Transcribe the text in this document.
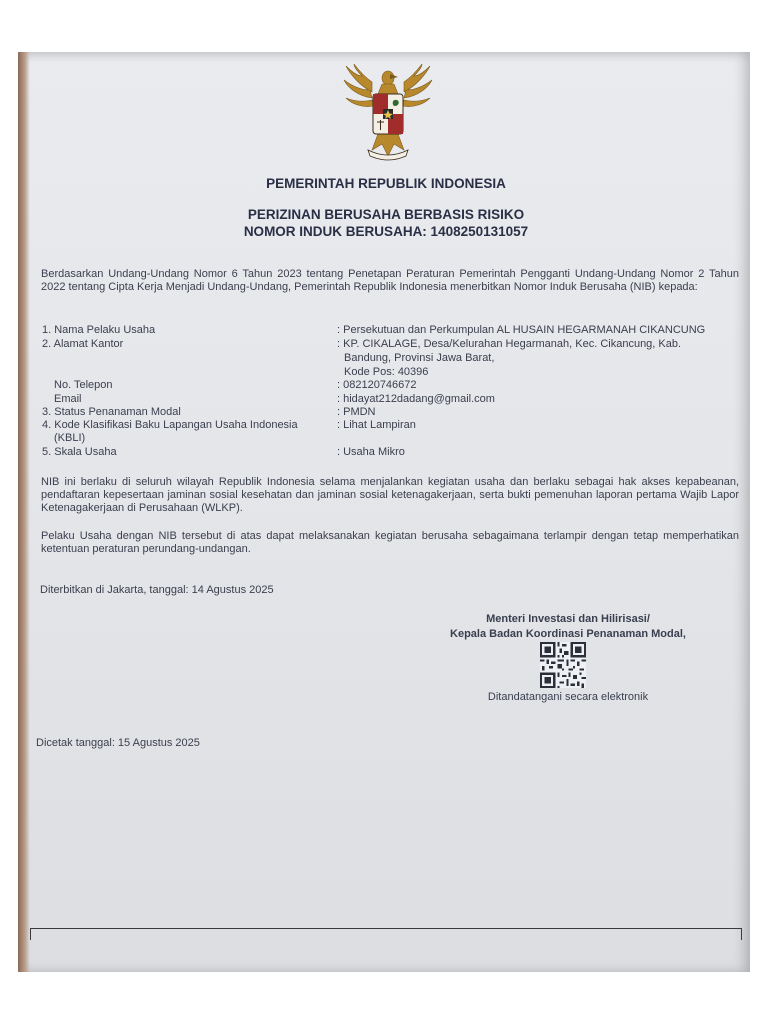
PEMERINTAH REPUBLIK INDONESIA
PERIZINAN BERUSAHA BERBASIS RISIKO
NOMOR INDUK BERUSAHA: 1408250131057
Berdasarkan Undang-Undang Nomor 6 Tahun 2023 tentang Penetapan Peraturan Pemerintah Pengganti Undang-Undang Nomor 2 Tahun 2022 tentang Cipta Kerja Menjadi Undang-Undang, Pemerintah Republik Indonesia menerbitkan Nomor Induk Berusaha (NIB) kepada:
1. Nama Pelaku Usaha	: Persekutuan dan Perkumpulan AL HUSAIN HEGARMANAH CIKANCUNG
2. Alamat Kantor	: KP. CIKALAGE, Desa/Kelurahan Hegarmanah, Kec. Cikancung, Kab.
Bandung, Provinsi Jawa Barat,
Kode Pos: 40396
No. Telepon	: 082120746672
Email	: hidayat212dadang@gmail.com
3. Status Penanaman Modal	: PMDN
4. Kode Klasifikasi Baku Lapangan Usaha Indonesia	: Lihat Lampiran
(KBLI)
5. Skala Usaha	: Usaha Mikro
NIB ini berlaku di seluruh wilayah Republik Indonesia selama menjalankan kegiatan usaha dan berlaku sebagai hak akses kepabeanan, pendaftaran kepesertaan jaminan sosial kesehatan dan jaminan sosial ketenagakerjaan, serta bukti pemenuhan laporan pertama Wajib Lapor Ketenagakerjaan di Perusahaan (WLKP).
Pelaku Usaha dengan NIB tersebut di atas dapat melaksanakan kegiatan berusaha sebagaimana terlampir dengan tetap memperhatikan ketentuan peraturan perundang-undangan.
Diterbitkan di Jakarta, tanggal: 14 Agustus 2025
Menteri Investasi dan Hilirisasi/
Kepala Badan Koordinasi Penanaman Modal,
Ditandatangani secara elektronik
Dicetak tanggal: 15 Agustus 2025
